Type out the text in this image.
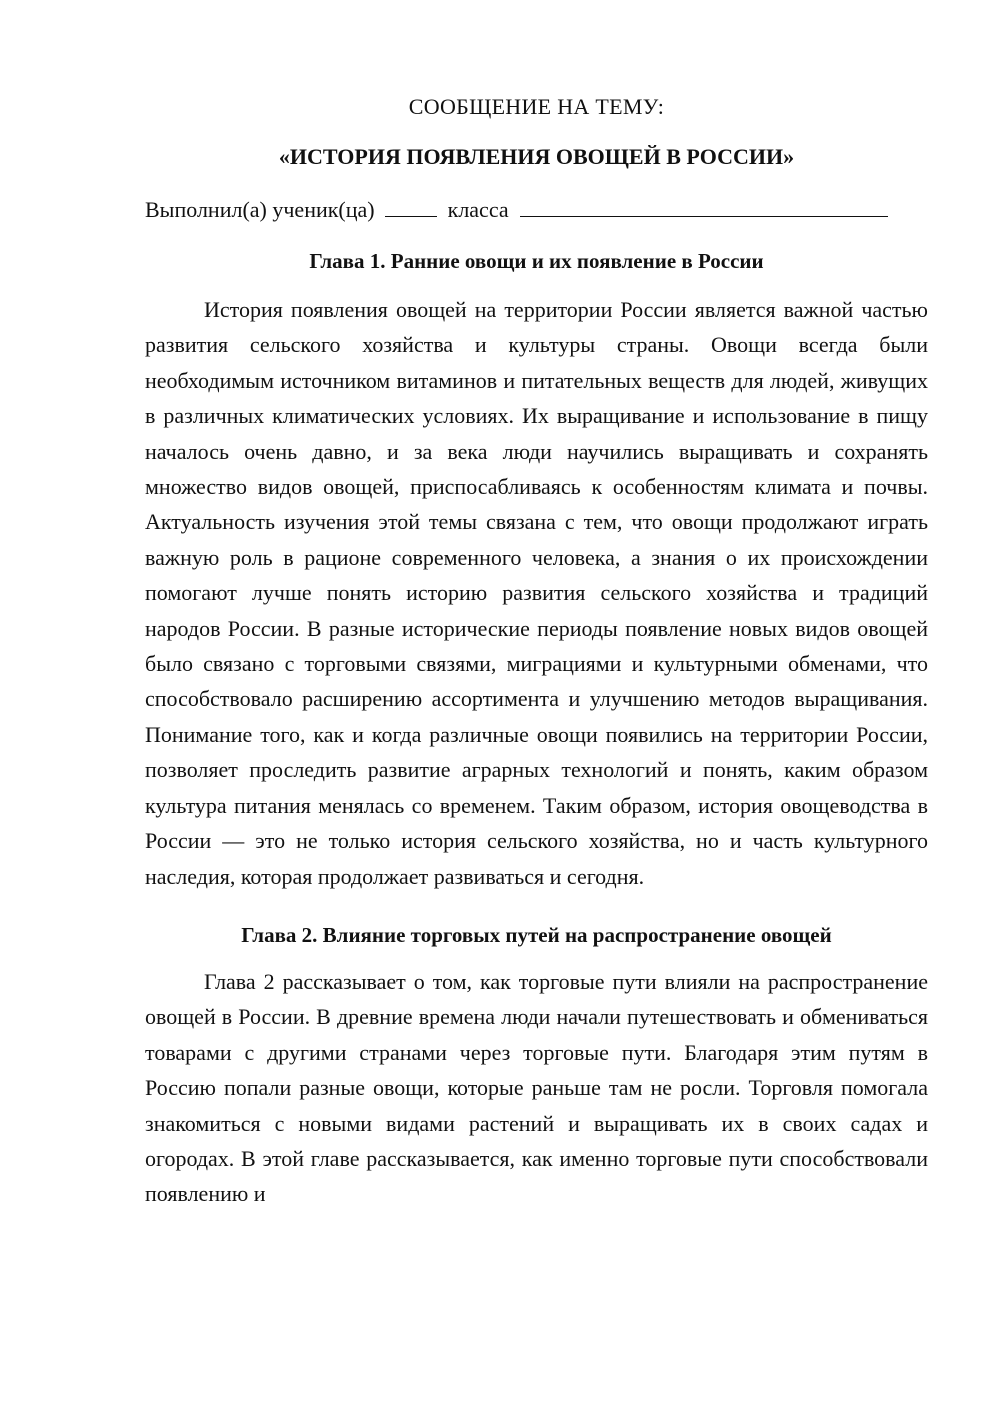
СООБЩЕНИЕ НА ТЕМУ:

«ИСТОРИЯ ПОЯВЛЕНИЯ ОВОЩЕЙ В РОССИИ»

Выполнил(а) ученик(ца)	класса

Глава 1. Ранние овощи и их появление в России

История появления овощей на территории России является важной частью развития сельского хозяйства и культуры страны. Овощи всегда были необходимым источником витаминов и питательных веществ для людей, живущих в различных климатических условиях. Их выращивание и использование в пищу началось очень давно, и за века люди научились выращивать и сохранять множество видов овощей, приспосабливаясь к особенностям климата и почвы. Актуальность изучения этой темы связана с тем, что овощи продолжают играть важную роль в рационе современного человека, а знания о их происхождении помогают лучше понять историю развития сельского хозяйства и традиций народов России. В разные исторические периоды появление новых видов овощей было связано с торговыми связями, миграциями и культурными обменами, что способствовало расширению ассортимента и улучшению методов выращивания. Понимание того, как и когда различные овощи появились на территории России, позволяет проследить развитие аграрных технологий и понять, каким образом культура питания менялась со временем. Таким образом, история овощеводства в России — это не только история сельского хозяйства, но и часть культурного наследия, которая продолжает развиваться и сегодня.

Глава 2. Влияние торговых путей на распространение овощей

Глава 2 рассказывает о том, как торговые пути влияли на распространение овощей в России. В древние времена люди начали путешествовать и обмениваться товарами с другими странами через торговые пути. Благодаря этим путям в Россию попали разные овощи, которые раньше там не росли. Торговля помогала знакомиться с новыми видами растений и выращивать их в своих садах и огородах. В этой главе рассказывается, как именно торговые пути способствовали появлению и
